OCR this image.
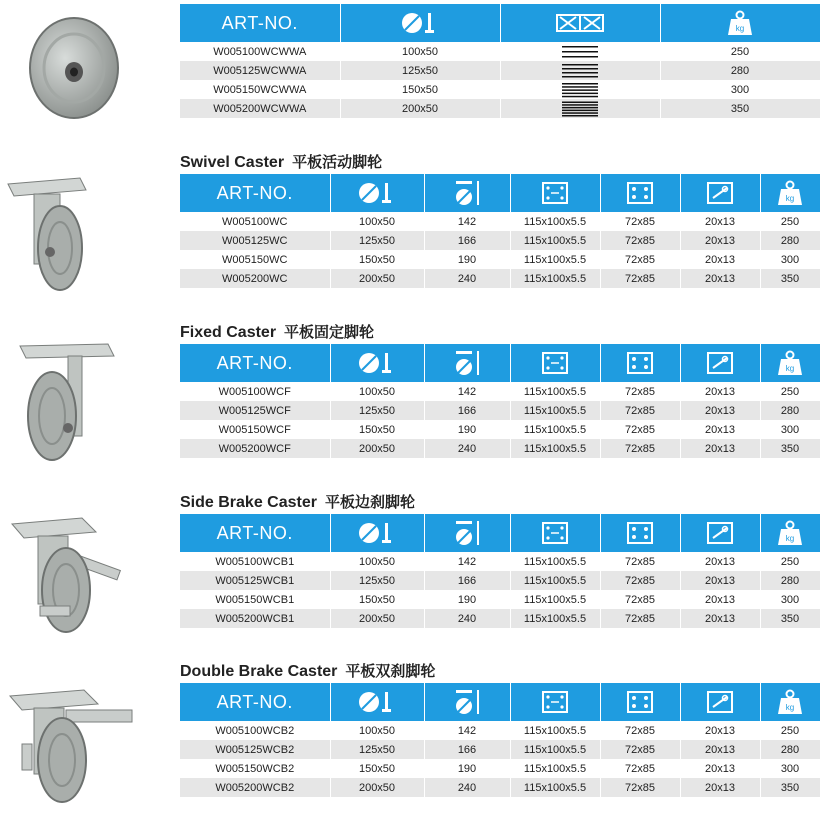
ART-NO.			kg

W005100WCWWA	100x50		250
W005125WCWWA	125x50		280
W005150WCWWA	150x50		300
W005200WCWWA	200x50		350
Swivel Caster 平板活动脚轮
ART-NO.						kg

W005100WC	100x50	142	115x100x5.5	72x85	20x13	250
W005125WC	125x50	166	115x100x5.5	72x85	20x13	280
W005150WC	150x50	190	115x100x5.5	72x85	20x13	300
W005200WC	200x50	240	115x100x5.5	72x85	20x13	350
Fixed Caster 平板固定脚轮
ART-NO.						kg

W005100WCF	100x50	142	115x100x5.5	72x85	20x13	250
W005125WCF	125x50	166	115x100x5.5	72x85	20x13	280
W005150WCF	150x50	190	115x100x5.5	72x85	20x13	300
W005200WCF	200x50	240	115x100x5.5	72x85	20x13	350
Side Brake Caster 平板边刹脚轮
ART-NO.						kg

W005100WCB1	100x50	142	115x100x5.5	72x85	20x13	250
W005125WCB1	125x50	166	115x100x5.5	72x85	20x13	280
W005150WCB1	150x50	190	115x100x5.5	72x85	20x13	300
W005200WCB1	200x50	240	115x100x5.5	72x85	20x13	350
Double Brake Caster 平板双刹脚轮
ART-NO.						kg

W005100WCB2	100x50	142	115x100x5.5	72x85	20x13	250
W005125WCB2	125x50	166	115x100x5.5	72x85	20x13	280
W005150WCB2	150x50	190	115x100x5.5	72x85	20x13	300
W005200WCB2	200x50	240	115x100x5.5	72x85	20x13	350
